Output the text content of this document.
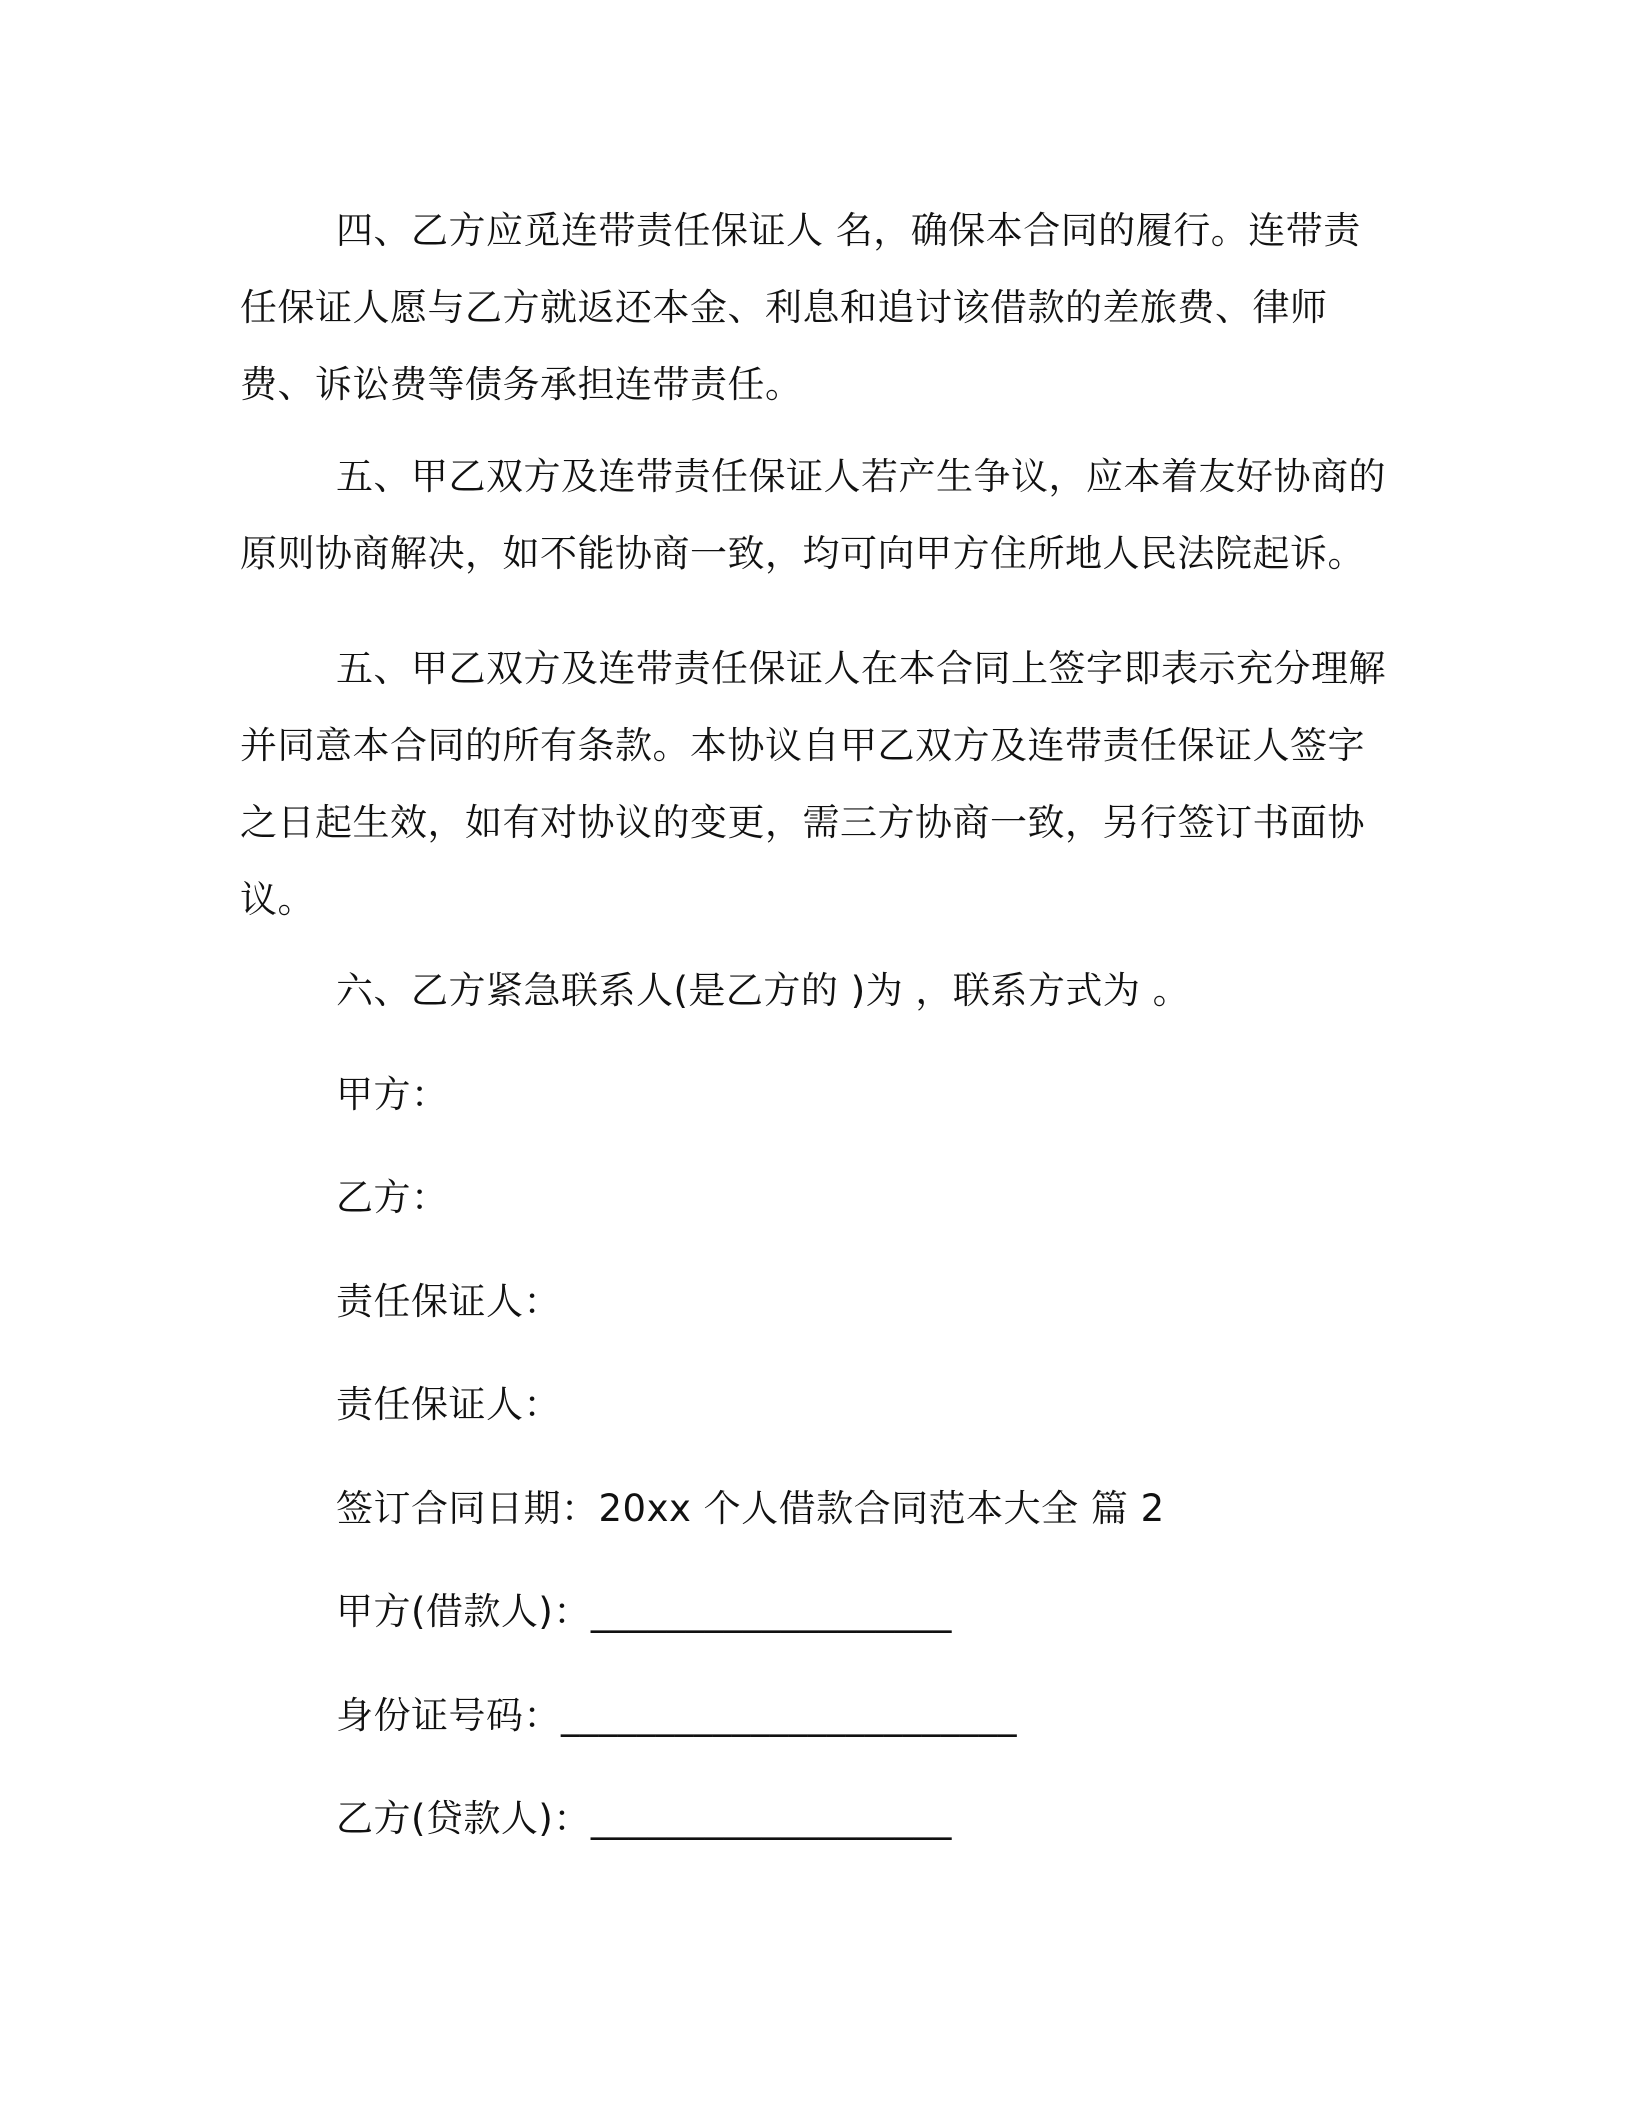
四、乙方应觅连带责任保证人 名，确保本合同的履行。连带责任保证人愿与乙方就返还本金、利息和追讨该借款的差旅费、律师费、诉讼费等债务承担连带责任。

五、甲乙双方及连带责任保证人若产生争议，应本着友好协商的原则协商解决，如不能协商一致，均可向甲方住所地人民法院起诉。

五、甲乙双方及连带责任保证人在本合同上签字即表示充分理解并同意本合同的所有条款。本协议自甲乙双方及连带责任保证人签字之日起生效，如有对协议的变更，需三方协商一致，另行签订书面协议。

六、乙方紧急联系人(是乙方的 )为 ，联系方式为 。

甲方：

乙方：

责任保证人：

责任保证人：

签订合同日期：20xx 个人借款合同范本大全 篇 2

甲方(借款人)：___________________

身份证号码：________________________

乙方(贷款人)：___________________
